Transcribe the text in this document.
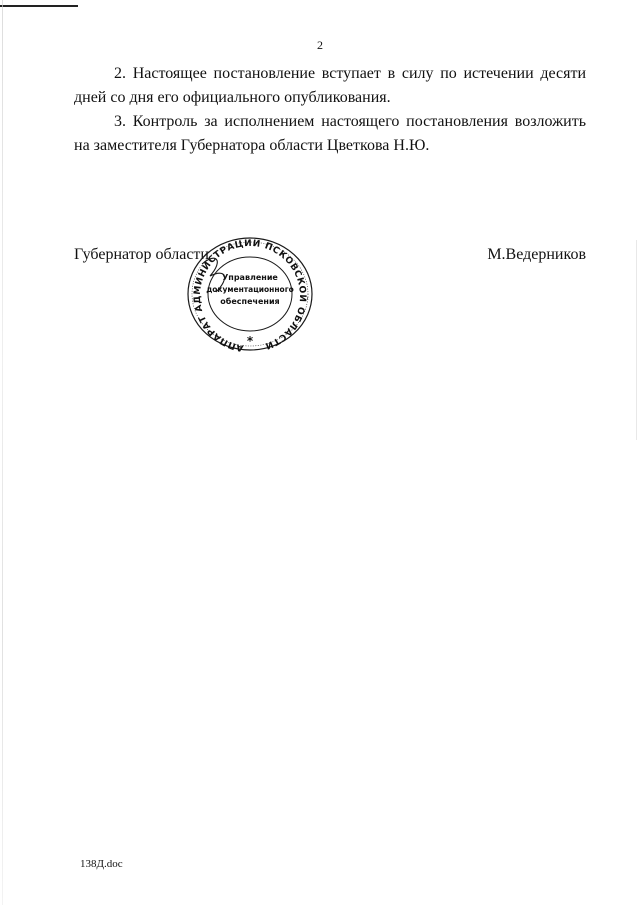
2

2. Настоящее постановление вступает в силу по истечении десяти дней со дня его официального опубликования.

3. Контроль за исполнением настоящего постановления возложить на заместителя Губернатора области Цветкова Н.Ю.

Губернатор области	М.Ведерников
АППАРАТ АДМИНИСТРАЦИИ ПСКОВСКОЙ ОБЛАСТИ
Управление
документационного
обеспечения
*
138Д.doc
